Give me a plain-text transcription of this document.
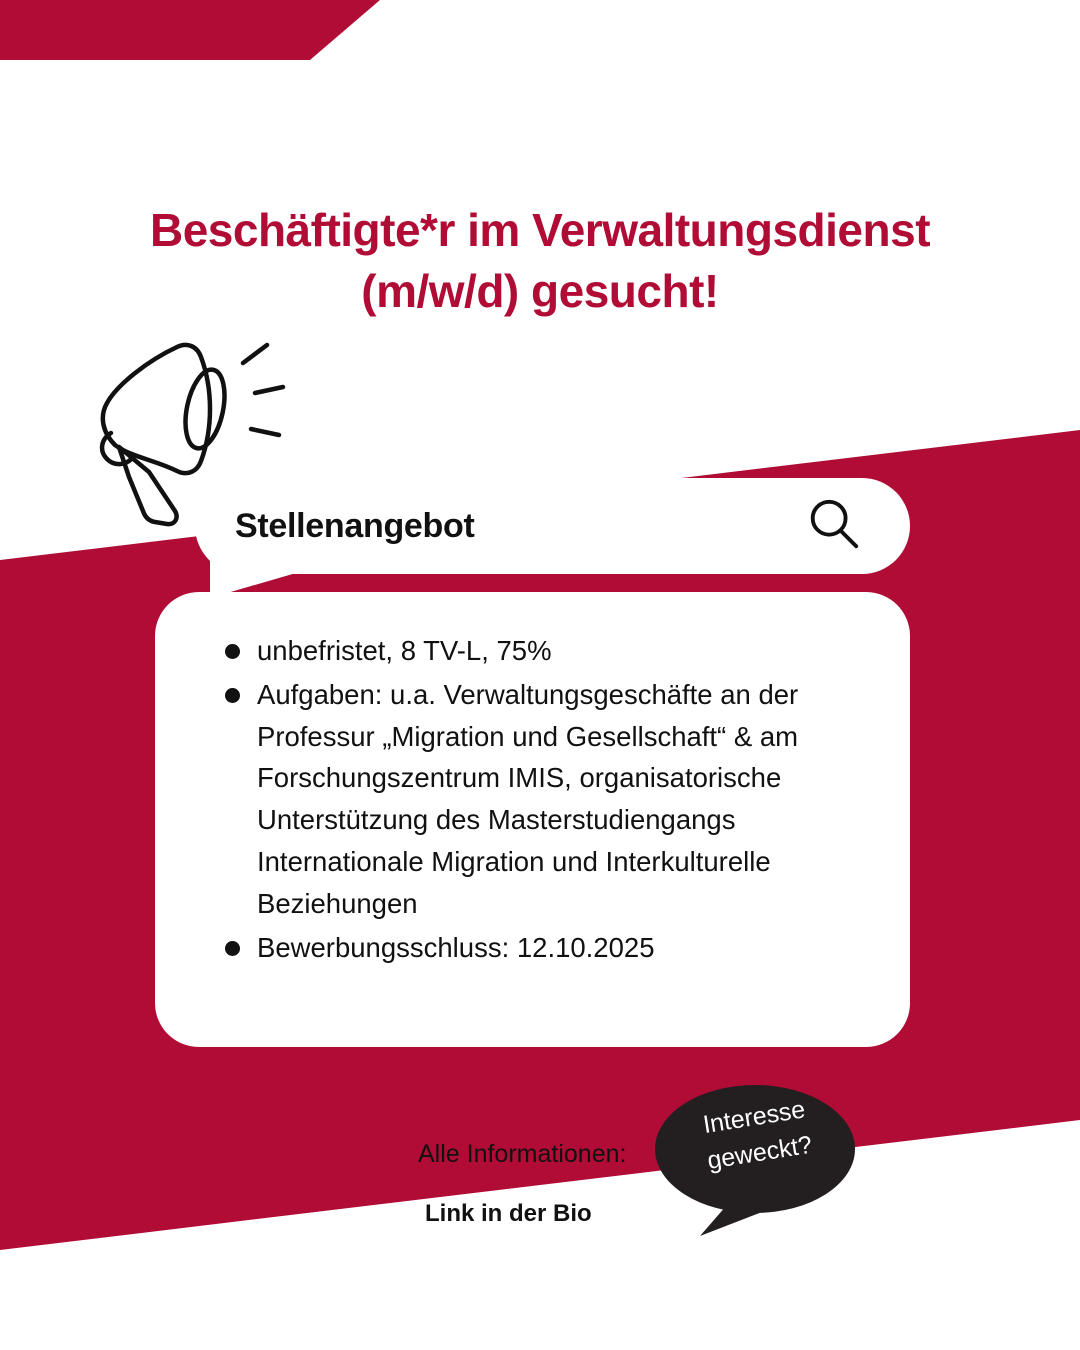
Beschäftigte*r im Verwaltungsdienst
(m/w/d) gesucht!
Stellenangebot
unbefristet, 8 TV-L, 75%
Aufgaben: u.a. Verwaltungsgeschäfte an der Professur „Migration und Gesellschaft“ & am Forschungszentrum IMIS, organisatorische Unterstützung des Masterstudiengangs Internationale Migration und Interkulturelle Beziehungen
Bewerbungsschluss: 12.10.2025
Alle Informationen:
Link in der Bio
Interesse
geweckt?
